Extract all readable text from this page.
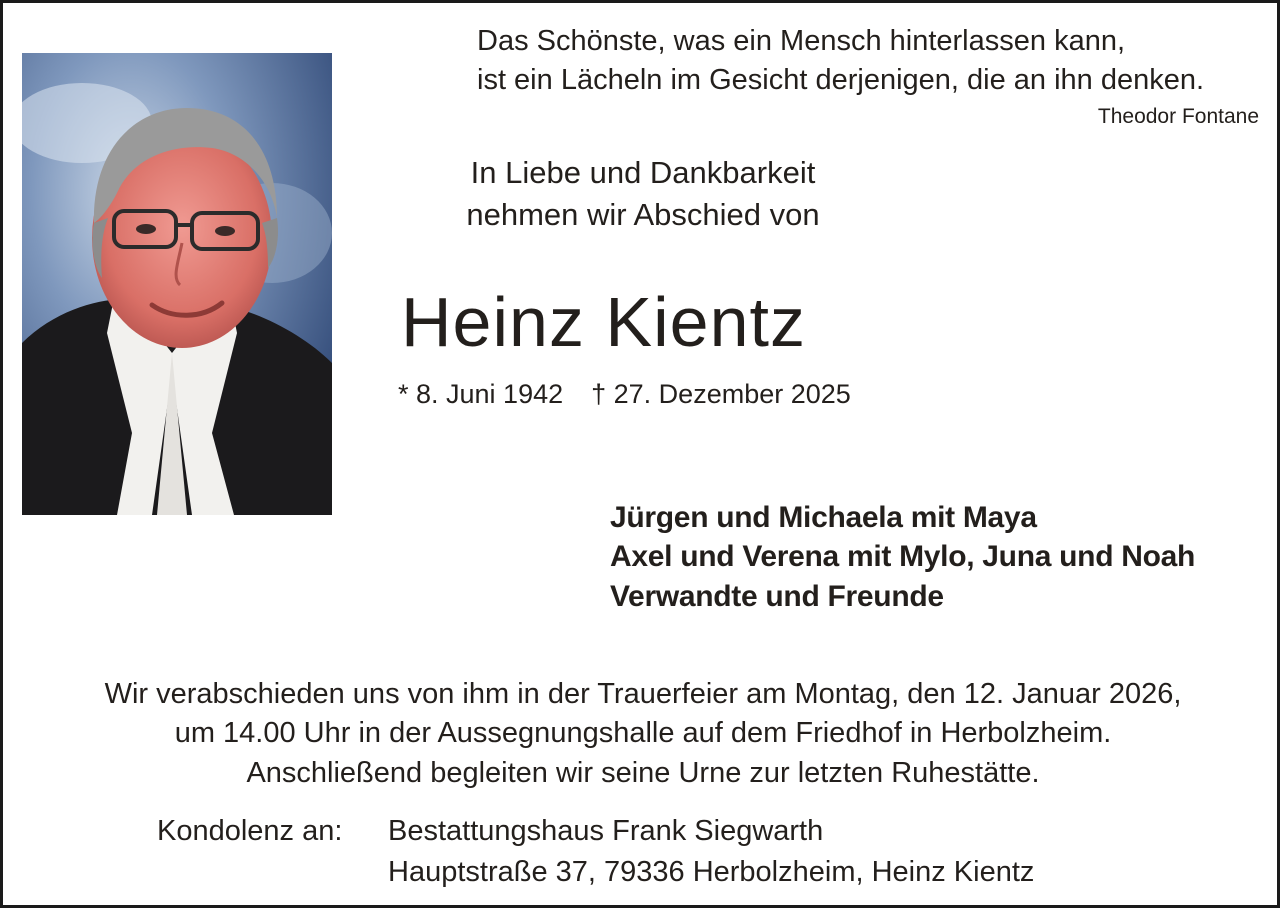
Das Schönste, was ein Mensch hinterlassen kann,
ist ein Lächeln im Gesicht derjenigen, die an ihn denken.
Theodor Fontane
In Liebe und Dankbarkeit
nehmen wir Abschied von
Heinz Kientz
* 8. Juni 1942 † 27. Dezember 2025
Jürgen und Michaela mit Maya
Axel und Verena mit Mylo, Juna und Noah
Verwandte und Freunde
Wir verabschieden uns von ihm in der Trauerfeier am Montag, den 12. Januar 2026,
um 14.00 Uhr in der Aussegnungshalle auf dem Friedhof in Herbolzheim.
Anschließend begleiten wir seine Urne zur letzten Ruhestätte.
Kondolenz an: Bestattungshaus Frank Siegwarth
Hauptstraße 37, 79336 Herbolzheim, Heinz Kientz
